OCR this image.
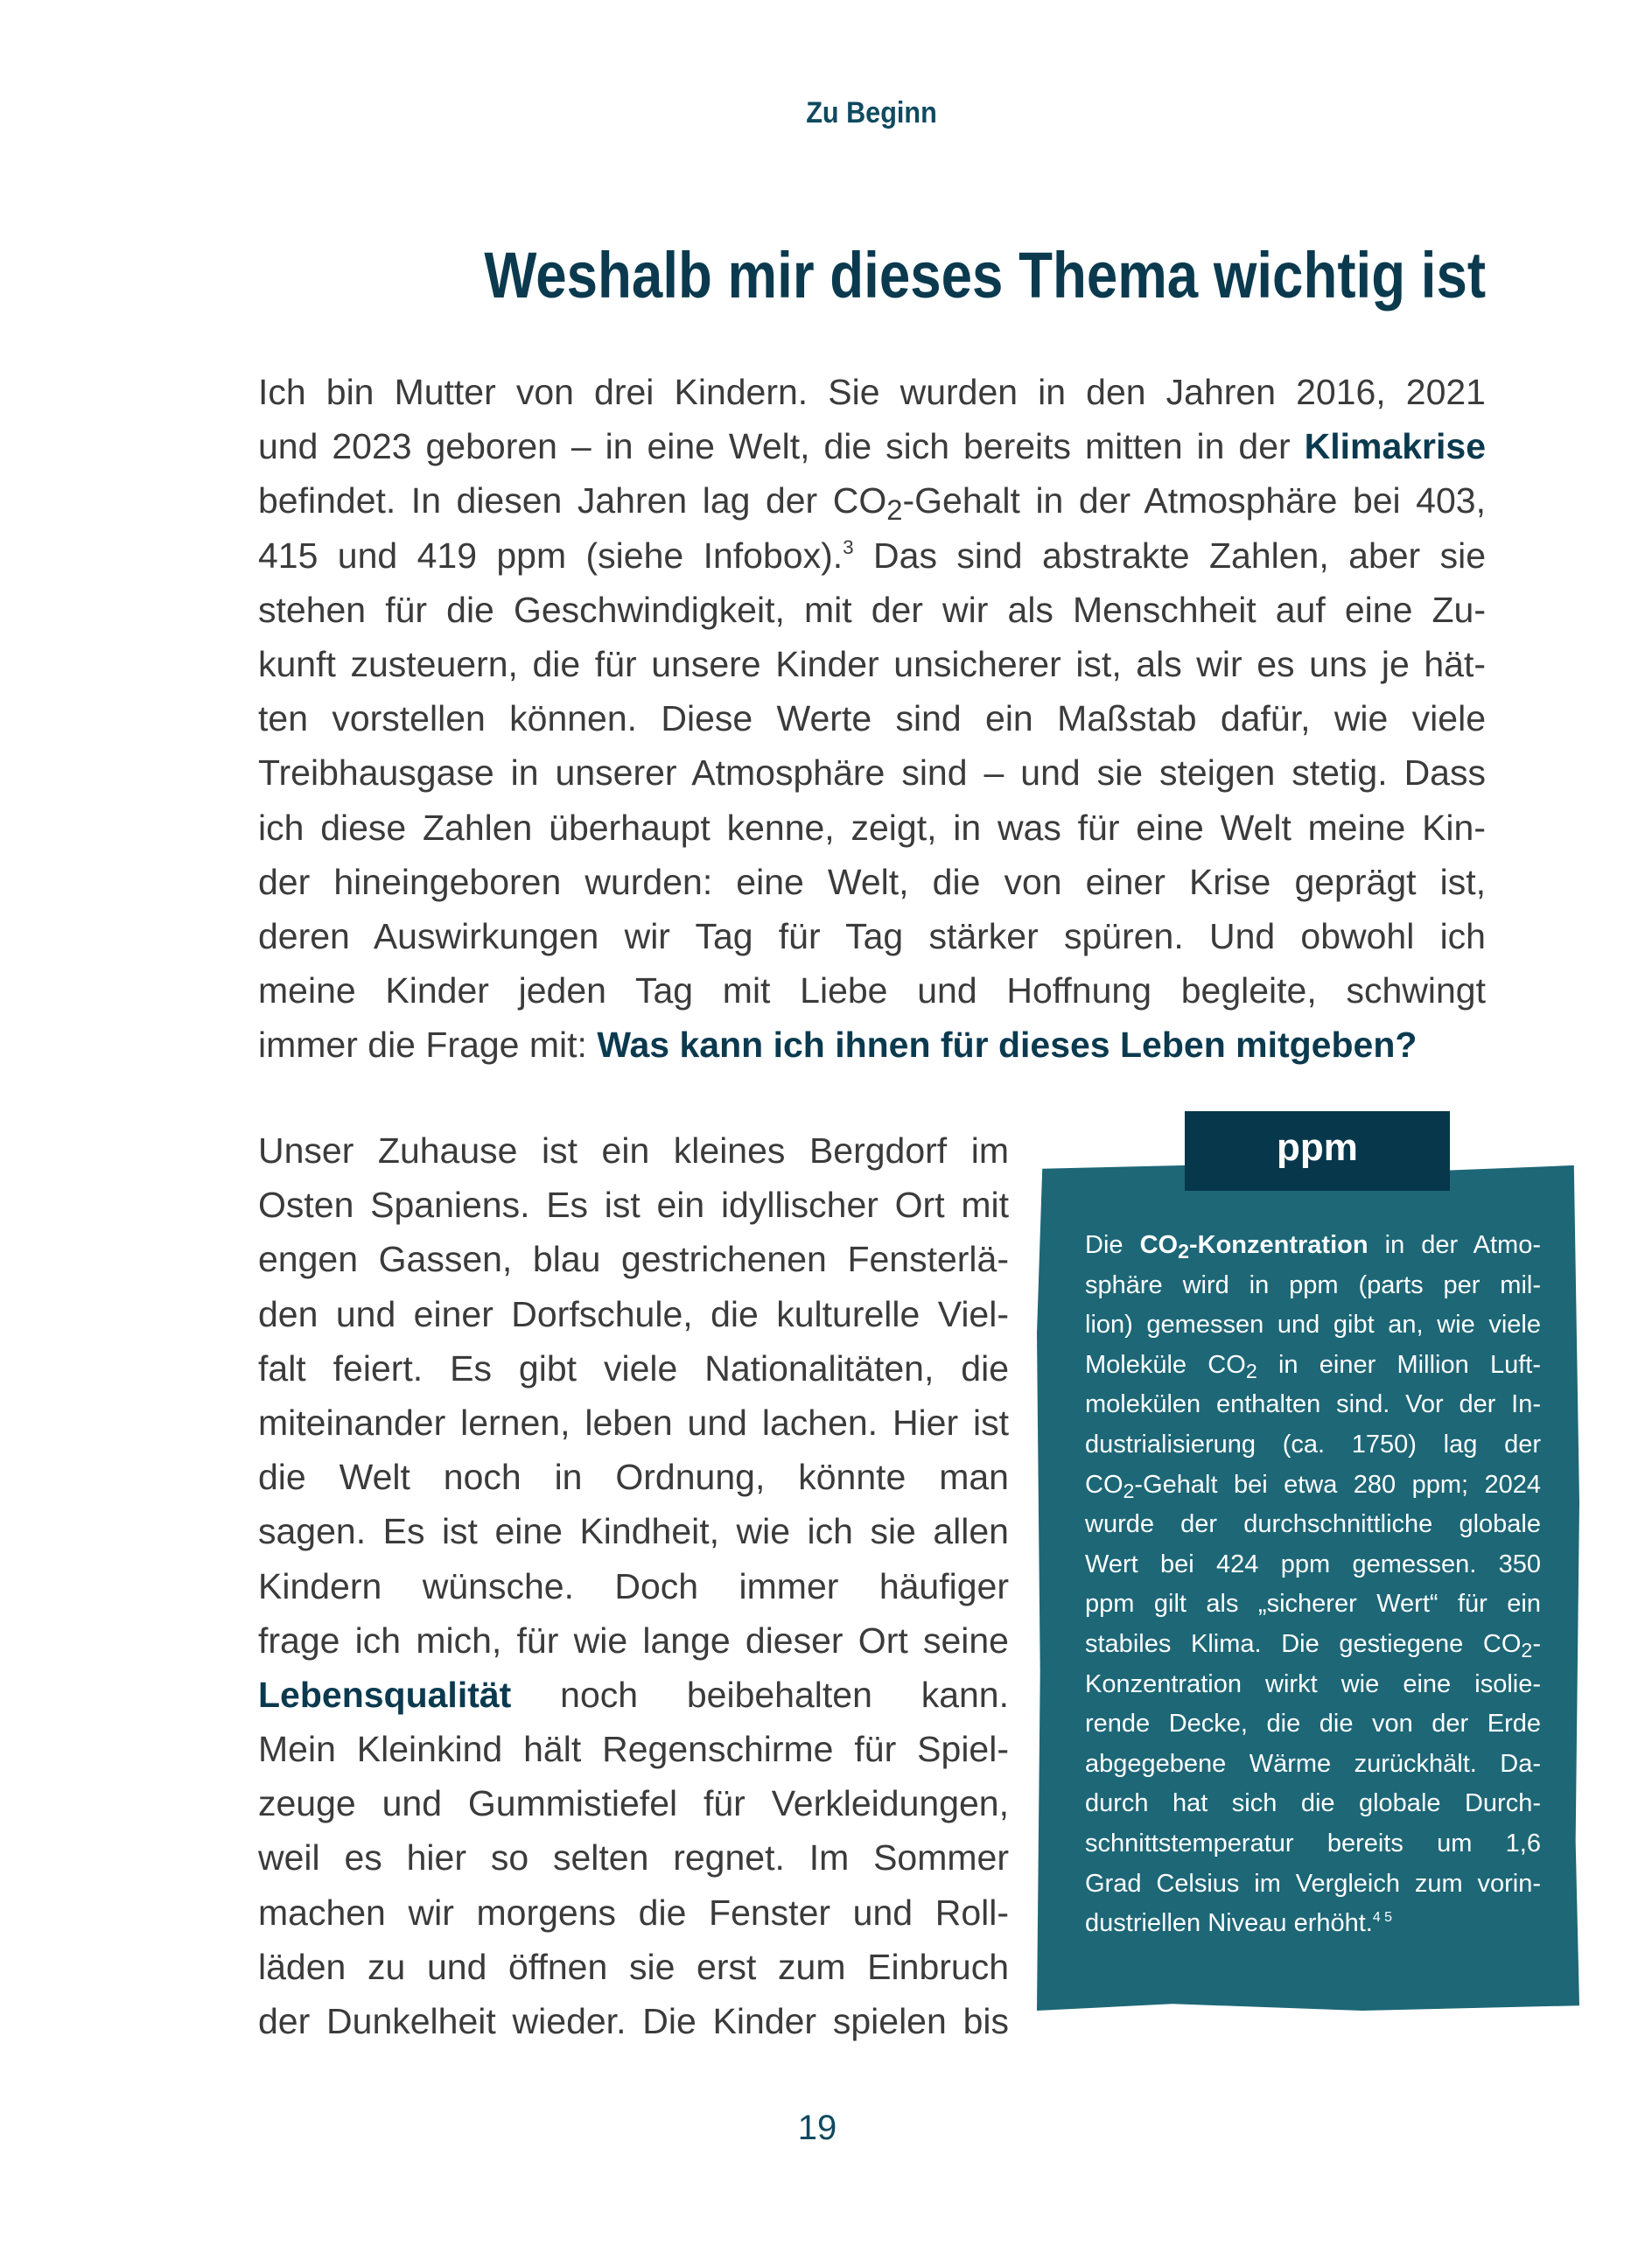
Zu Beginn
Weshalb mir dieses Thema wichtig ist
Ich bin Mutter von drei Kindern. Sie wurden in den Jahren 2016, 2021
und 2023 geboren – in eine Welt, die sich bereits mitten in der Klimakrise
befindet. In diesen Jahren lag der $CO_2$-Gehalt in der Atmosphäre bei 403,
415 und 419 ppm (siehe Infobox).$^3$ Das sind abstrakte Zahlen, aber sie
stehen für die Geschwindigkeit, mit der wir als Menschheit auf eine Zu-
kunft zusteuern, die für unsere Kinder unsicherer ist, als wir es uns je hät-
ten vorstellen können. Diese Werte sind ein Maßstab dafür, wie viele
Treibhausgase in unserer Atmosphäre sind – und sie steigen stetig. Dass
ich diese Zahlen überhaupt kenne, zeigt, in was für eine Welt meine Kin-
der hineingeboren wurden: eine Welt, die von einer Krise geprägt ist,
deren Auswirkungen wir Tag für Tag stärker spüren. Und obwohl ich
meine Kinder jeden Tag mit Liebe und Hoffnung begleite, schwingt
immer die Frage mit: Was kann ich ihnen für dieses Leben mitgeben?
Unser Zuhause ist ein kleines Bergdorf im
Osten Spaniens. Es ist ein idyllischer Ort mit
engen Gassen, blau gestrichenen Fensterlä-
den und einer Dorfschule, die kulturelle Viel-
falt feiert. Es gibt viele Nationalitäten, die
miteinander lernen, leben und lachen. Hier ist
die Welt noch in Ordnung, könnte man
sagen. Es ist eine Kindheit, wie ich sie allen
Kindern wünsche. Doch immer häufiger
frage ich mich, für wie lange dieser Ort seine
Lebensqualität noch beibehalten kann.
Mein Kleinkind hält Regenschirme für Spiel-
zeuge und Gummistiefel für Verkleidungen,
weil es hier so selten regnet. Im Sommer
machen wir morgens die Fenster und Roll-
läden zu und öffnen sie erst zum Einbruch
der Dunkelheit wieder. Die Kinder spielen bis
ppm
Die $CO_2$-Konzentration in der Atmo-
sphäre wird in ppm (parts per mil-
lion) gemessen und gibt an, wie viele
Moleküle $CO_2$ in einer Million Luft-
molekülen enthalten sind. Vor der In-
dustrialisierung (ca. 1750) lag der
$CO_2$-Gehalt bei etwa 280 ppm; 2024
wurde der durchschnittliche globale
Wert bei 424 ppm gemessen. 350
ppm gilt als „sicherer Wert“ für ein
stabiles Klima. Die gestiegene $CO_2-$
Konzentration wirkt wie eine isolie-
rende Decke, die die von der Erde
abgegebene Wärme zurückhält. Da-
durch hat sich die globale Durch-
schnittstemperatur bereits um 1,6
Grad Celsius im Vergleich zum vorin-
dustriellen Niveau erhöht.$^{4 5}$
19
